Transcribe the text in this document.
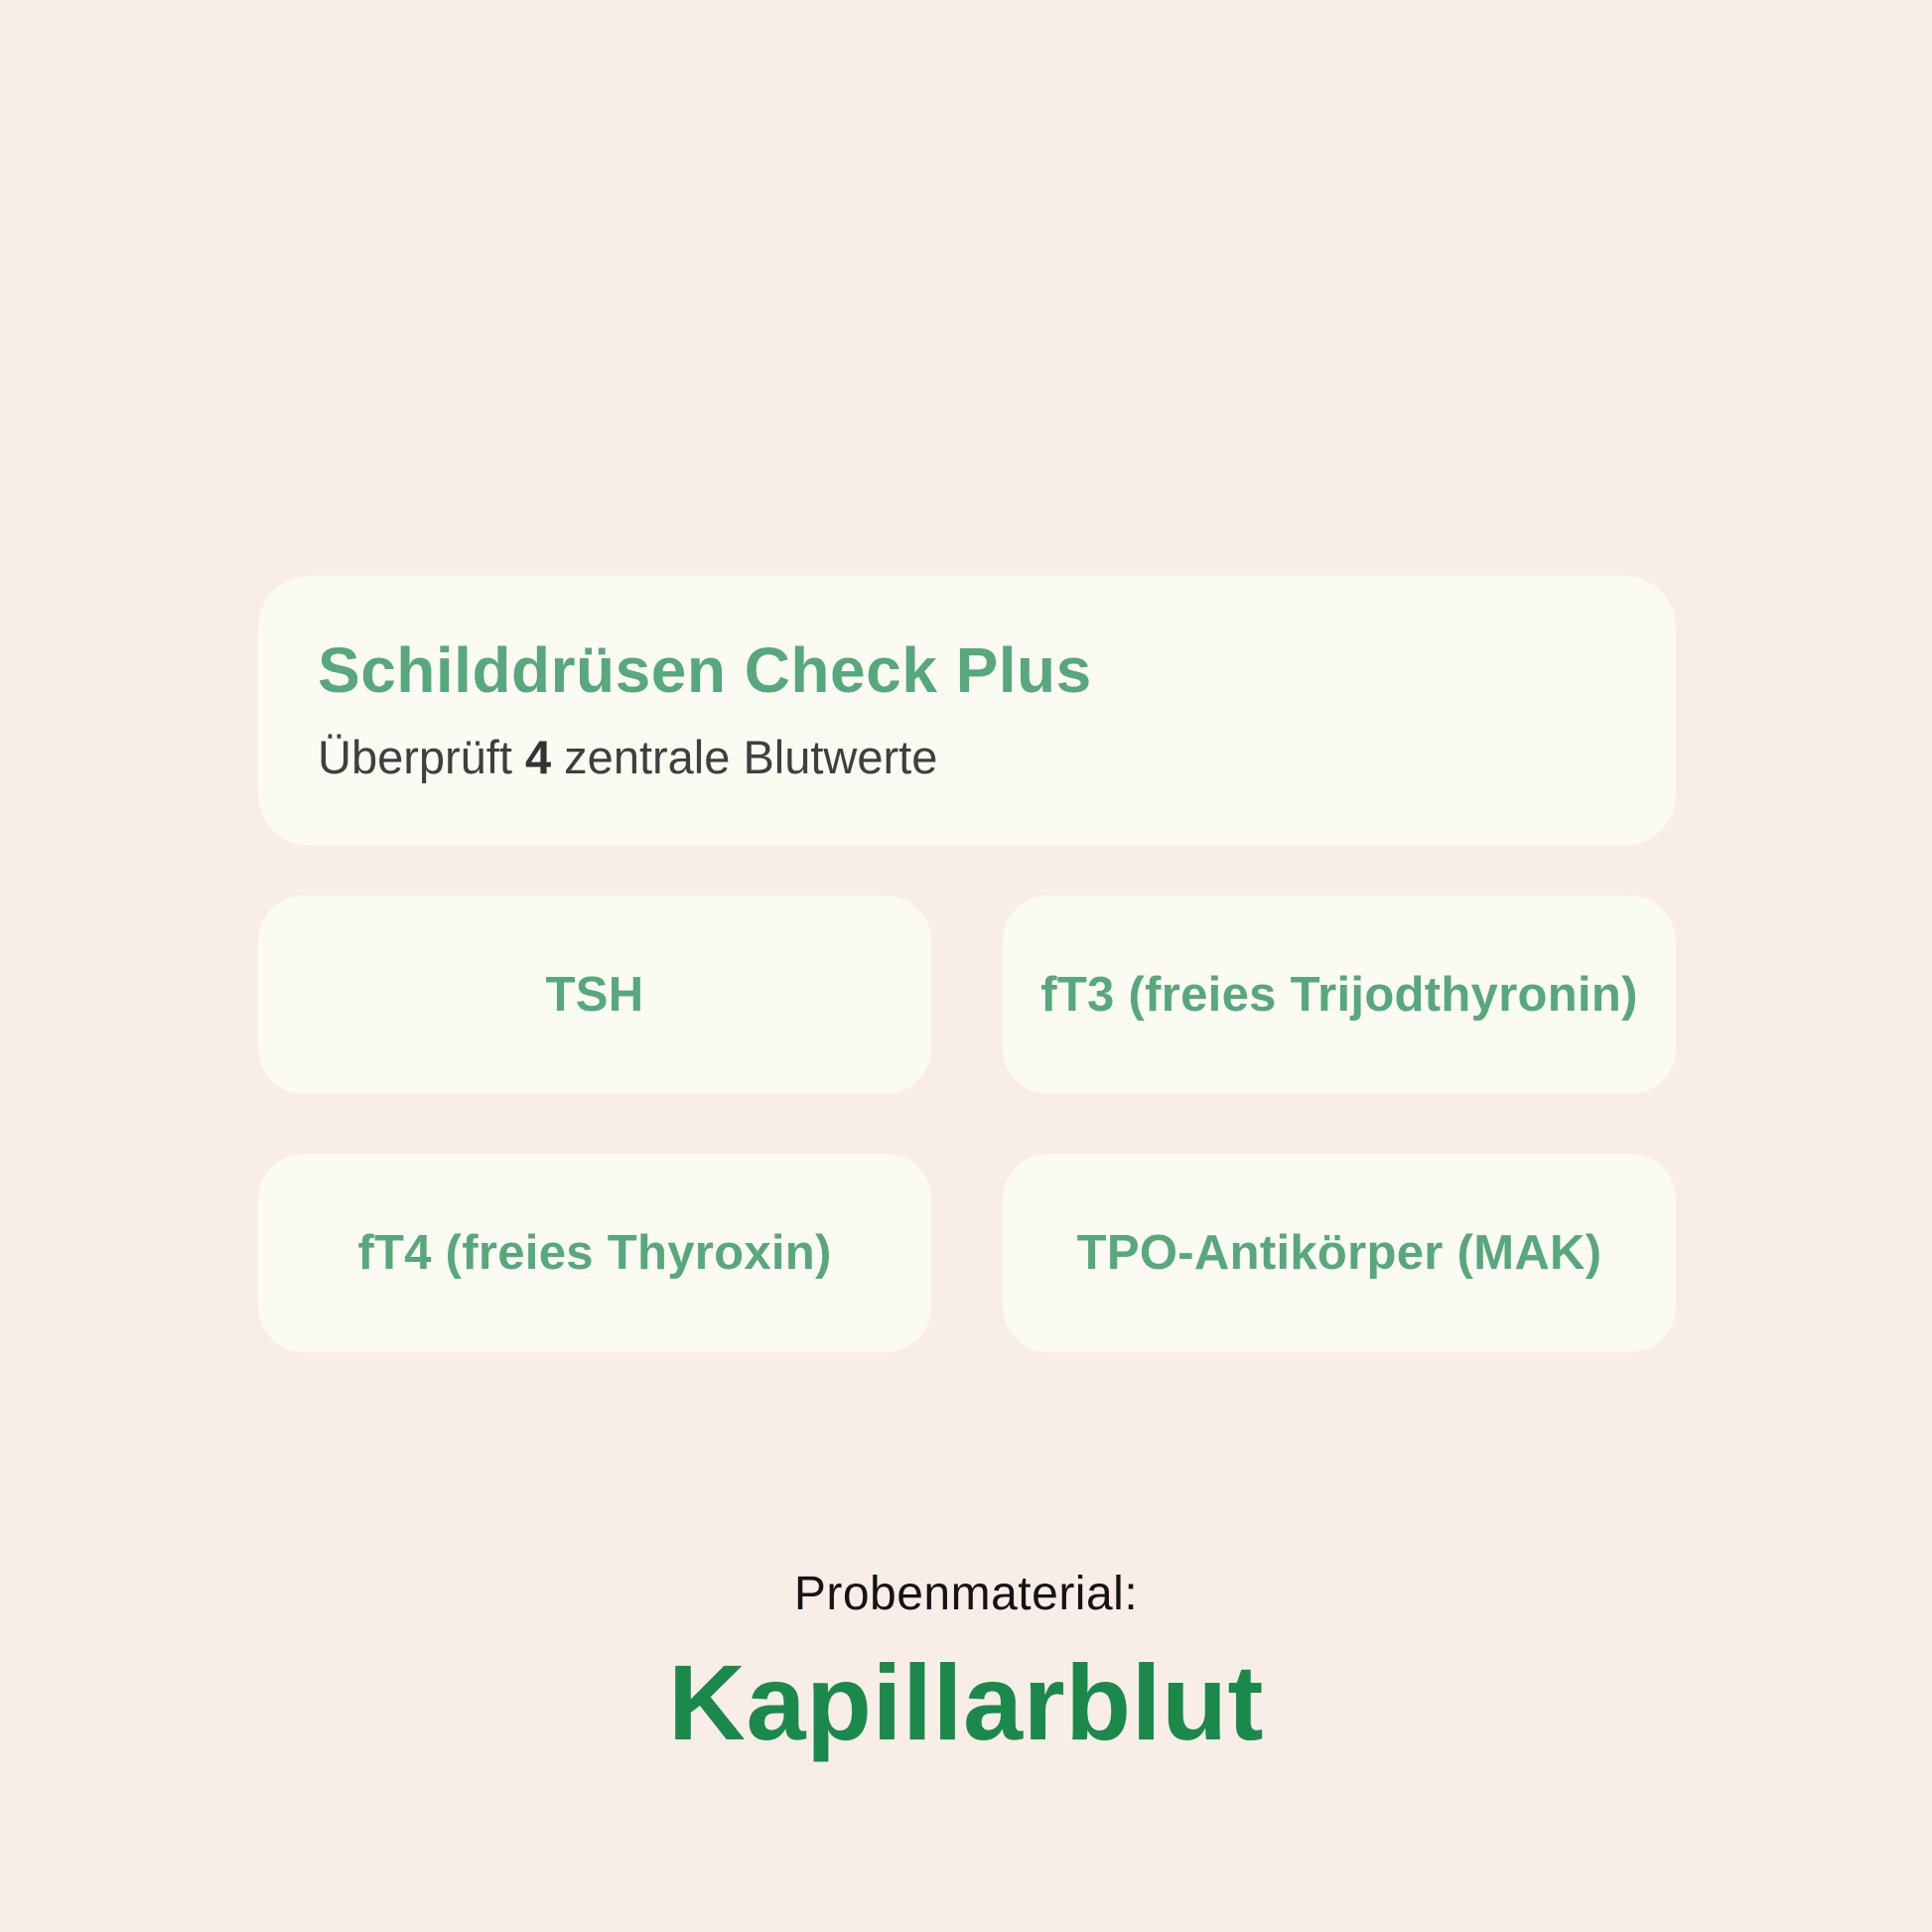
Schilddrüsen Check Plus

Überprüft 4 zentrale Blutwerte

TSH	fT3 (freies Trijodthyronin)
fT4 (freies Thyroxin)	TPO-Antikörper (MAK)

Probenmaterial:

Kapillarblut
